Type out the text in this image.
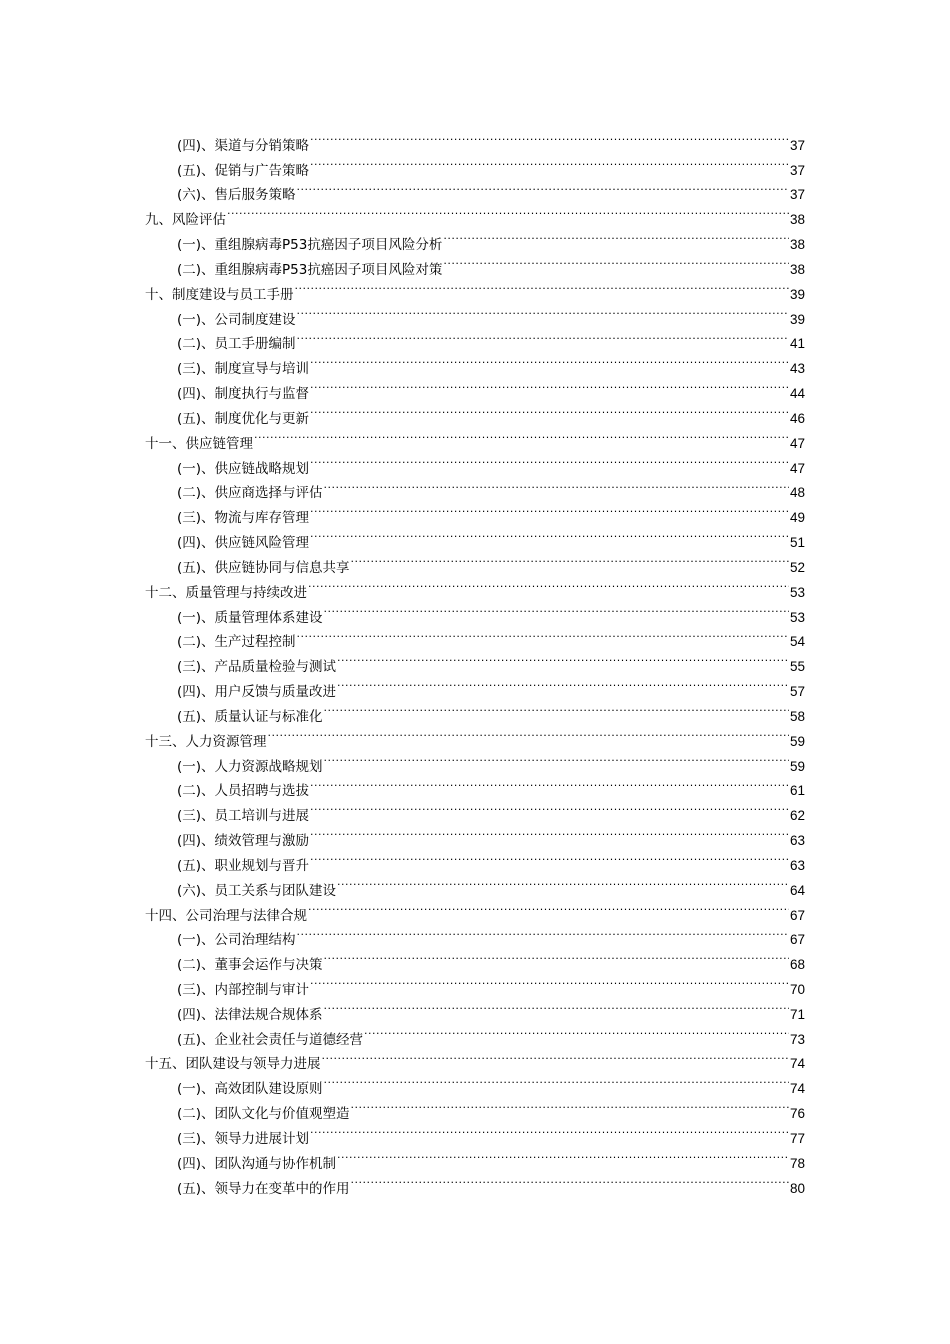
(四)、渠道与分销策略 .....	37
(五)、促销与广告策略 .....	37
(六)、售后服务策略 .....	37
九、风险评估 .....	38
(一)、重组腺病毒P53抗癌因子项目风险分析 .....	38
(二)、重组腺病毒P53抗癌因子项目风险对策 .....	38
十、制度建设与员工手册 .....	39
(一)、公司制度建设 .....	39
(二)、员工手册编制 .....	41
(三)、制度宣导与培训 .....	43
(四)、制度执行与监督 .....	44
(五)、制度优化与更新 .....	46
十一、供应链管理 .....	47
(一)、供应链战略规划 .....	47
(二)、供应商选择与评估 .....	48
(三)、物流与库存管理 .....	49
(四)、供应链风险管理 .....	51
(五)、供应链协同与信息共享 .....	52
十二、质量管理与持续改进 .....	53
(一)、质量管理体系建设 .....	53
(二)、生产过程控制 .....	54
(三)、产品质量检验与测试 .....	55
(四)、用户反馈与质量改进 .....	57
(五)、质量认证与标准化 .....	58
十三、人力资源管理 .....	59
(一)、人力资源战略规划 .....	59
(二)、人员招聘与选拔 .....	61
(三)、员工培训与进展 .....	62
(四)、绩效管理与激励 .....	63
(五)、职业规划与晋升 .....	63
(六)、员工关系与团队建设 .....	64
十四、公司治理与法律合规 .....	67
(一)、公司治理结构 .....	67
(二)、董事会运作与决策 .....	68
(三)、内部控制与审计 .....	70
(四)、法律法规合规体系 .....	71
(五)、企业社会责任与道德经营 .....	73
十五、团队建设与领导力进展 .....	74
(一)、高效团队建设原则 .....	74
(二)、团队文化与价值观塑造 .....	76
(三)、领导力进展计划 .....	77
(四)、团队沟通与协作机制 .....	78
(五)、领导力在变革中的作用 .....	80
